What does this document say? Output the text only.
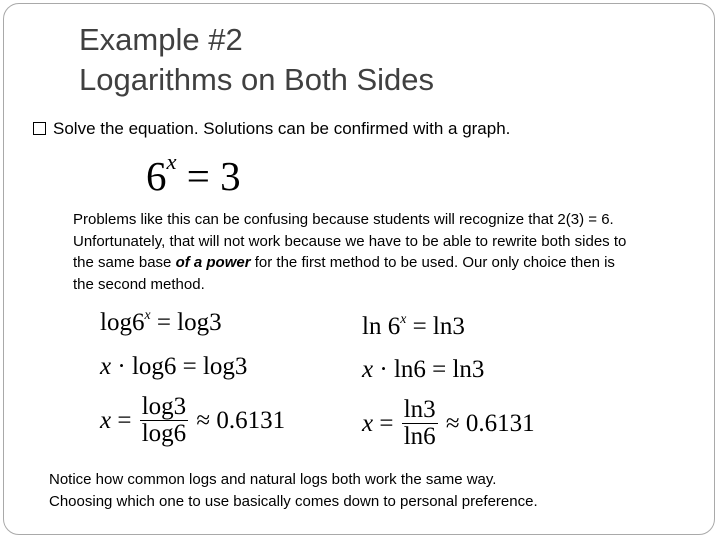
Example #2
Logarithms on Both Sides
Solve the equation. Solutions can be confirmed with a graph.
$6^x = 3$
Problems like this can be confusing because students will recognize that 2(3) = 6. Unfortunately, that will not work because we have to be able to rewrite both sides to the same base of a power for the first method to be used. Our only choice then is the second method.
$\log 6^x = \log 3$
x · log6 = log3
$x = \frac{\log 3}{\log 6} \approx 0.6131$
$\ln 6^x = \ln 3$
x · ln6 = ln3
$x = \frac{\ln 3}{\ln 6} \approx 0.6131$
Notice how common logs and natural logs both work the same way.
Choosing which one to use basically comes down to personal preference.
